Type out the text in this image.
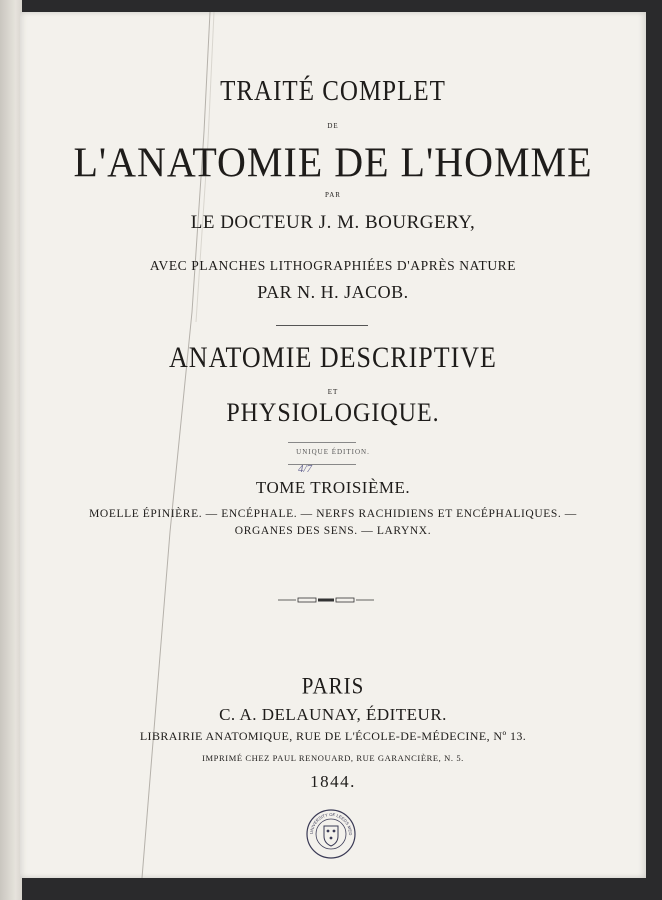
TRAITÉ COMPLET
DE
L'ANATOMIE DE L'HOMME
PAR
LE DOCTEUR J. M. BOURGERY,
AVEC PLANCHES LITHOGRAPHIÉES D'APRÈS NATURE
PAR N. H. JACOB.
ANATOMIE DESCRIPTIVE
ET
PHYSIOLOGIQUE.
UNIQUE ÉDITION.
4/7
TOME TROISIÈME.
MOELLE ÉPINIÈRE. — ENCÉPHALE. — NERFS RACHIDIENS ET ENCÉPHALIQUES. —
ORGANES DES SENS. — LARYNX.
PARIS
C. A. DELAUNAY, ÉDITEUR.
LIBRAIRIE ANATOMIQUE, RUE DE L'ÉCOLE-DE-MÉDECINE, Nº 13.
IMPRIMÉ CHEZ PAUL RENOUARD, RUE GARANCIÈRE, N. 5.
1844.
UNIVERSITY OF LEEDS MED
